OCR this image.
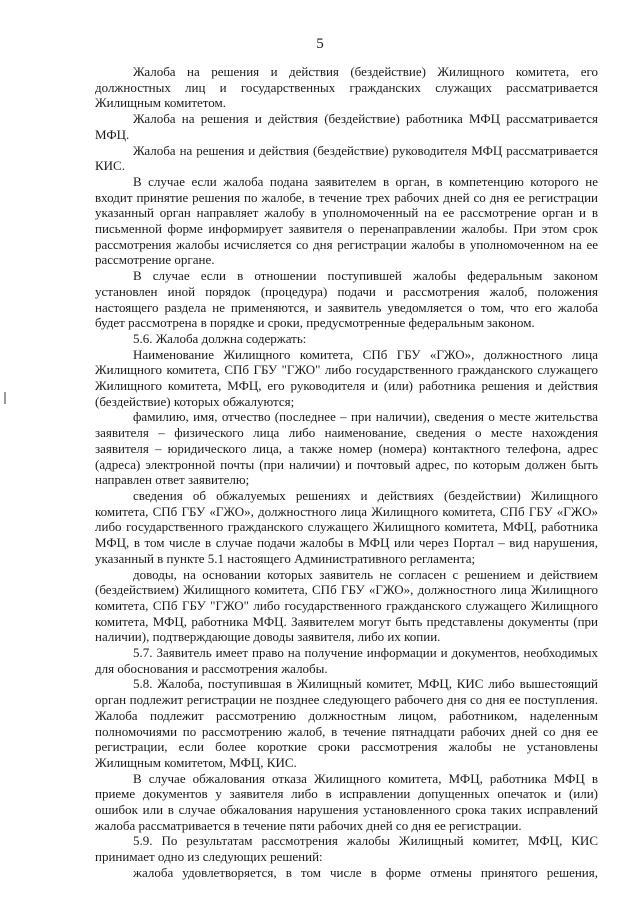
5

Жалоба на решения и действия (бездействие) Жилищного комитета, его должностных лиц и государственных гражданских служащих рассматривается Жилищным комитетом.

Жалоба на решения и действия (бездействие) работника МФЦ рассматривается МФЦ.

Жалоба на решения и действия (бездействие) руководителя МФЦ рассматривается КИС.

В случае если жалоба подана заявителем в орган, в компетенцию которого не входит принятие решения по жалобе, в течение трех рабочих дней со дня ее регистрации указанный орган направляет жалобу в уполномоченный на ее рассмотрение орган и в письменной форме информирует заявителя о перенаправлении жалобы. При этом срок рассмотрения жалобы исчисляется со дня регистрации жалобы в уполномоченном на ее рассмотрение органе.

В случае если в отношении поступившей жалобы федеральным законом установлен иной порядок (процедура) подачи и рассмотрения жалоб, положения настоящего раздела не применяются, и заявитель уведомляется о том, что его жалоба будет рассмотрена в порядке и сроки, предусмотренные федеральным законом.

5.6. Жалоба должна содержать:

Наименование Жилищного комитета, СПб ГБУ «ГЖО», должностного лица Жилищного комитета, СПб ГБУ "ГЖО" либо государственного гражданского служащего Жилищного комитета, МФЦ, его руководителя и (или) работника решения и действия (бездействие) которых обжалуются;

фамилию, имя, отчество (последнее – при наличии), сведения о месте жительства заявителя – физического лица либо наименование, сведения о месте нахождения заявителя – юридического лица, а также номер (номера) контактного телефона, адрес (адреса) электронной почты (при наличии) и почтовый адрес, по которым должен быть направлен ответ заявителю;

сведения об обжалуемых решениях и действиях (бездействии) Жилищного комитета, СПб ГБУ «ГЖО», должностного лица Жилищного комитета, СПб ГБУ «ГЖО» либо государственного гражданского служащего Жилищного комитета, МФЦ, работника МФЦ, в том числе в случае подачи жалобы в МФЦ или через Портал – вид нарушения, указанный в пункте 5.1 настоящего Административного регламента;

доводы, на основании которых заявитель не согласен с решением и действием (бездействием) Жилищного комитета, СПб ГБУ «ГЖО», должностного лица Жилищного комитета, СПб ГБУ "ГЖО" либо государственного гражданского служащего Жилищного комитета, МФЦ, работника МФЦ. Заявителем могут быть представлены документы (при наличии), подтверждающие доводы заявителя, либо их копии.

5.7. Заявитель имеет право на получение информации и документов, необходимых для обоснования и рассмотрения жалобы.

5.8. Жалоба, поступившая в Жилищный комитет, МФЦ, КИС либо вышестоящий орган подлежит регистрации не позднее следующего рабочего дня со дня ее поступления. Жалоба подлежит рассмотрению должностным лицом, работником, наделенным полномочиями по рассмотрению жалоб, в течение пятнадцати рабочих дней со дня ее регистрации, если более короткие сроки рассмотрения жалобы не установлены Жилищным комитетом, МФЦ, КИС.

В случае обжалования отказа Жилищного комитета, МФЦ, работника МФЦ в приеме документов у заявителя либо в исправлении допущенных опечаток и (или) ошибок или в случае обжалования нарушения установленного срока таких исправлений жалоба рассматривается в течение пяти рабочих дней со дня ее регистрации.

5.9. По результатам рассмотрения жалобы Жилищный комитет, МФЦ, КИС принимает одно из следующих решений:

жалоба удовлетворяется, в том числе в форме отмены принятого решения,
